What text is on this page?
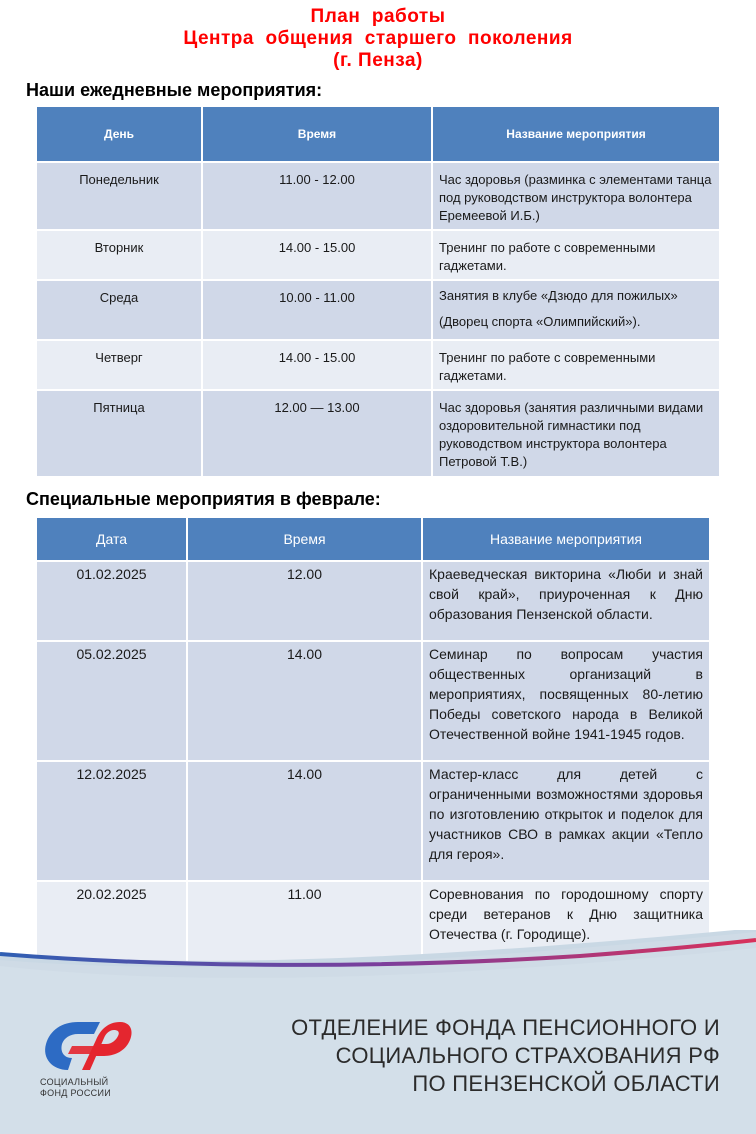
План  работы
Центра  общения  старшего  поколения
(г. Пенза)
Наши ежедневные мероприятия:
День	Время	Название мероприятия
Понедельник	11.00 - 12.00	Час здоровья (разминка с элементами танца под руководством инструктора волонтера Еремеевой И.Б.)
Вторник	14.00 - 15.00	Тренинг по работе с современными гаджетами.
Среда	10.00 - 11.00	Занятия в клубе «Дзюдо для пожилых»
(Дворец спорта «Олимпийский»).

Четверг	14.00 - 15.00	Тренинг по работе с современными гаджетами.
Пятница	12.00 — 13.00	Час здоровья (занятия различными видами оздоровительной гимнастики под руководством инструктора волонтера Петровой Т.В.)
Специальные мероприятия в феврале:
Дата	Время	Название мероприятия
01.02.2025	12.00	Краеведческая викторина «Люби и знай свой край», приуроченная к Дню образования Пензенской области.
05.02.2025	14.00	Семинар по вопросам участия общественных организаций в мероприятиях, посвященных 80-летию Победы советского народа в Великой Отечественной войне 1941-1945 годов.
12.02.2025	14.00	Мастер-класс для детей с ограниченными возможностями здоровья по изготовлению открыток и поделок для участников СВО в рамках акции «Тепло для героя».
20.02.2025	11.00	Соревнования по городошному спорту среди ветеранов к Дню защитника Отечества (г. Городище).
СОЦИАЛЬНЫЙ
ФОНД РОССИИ
ОТДЕЛЕНИЕ ФОНДА ПЕНСИОННОГО И
СОЦИАЛЬНОГО СТРАХОВАНИЯ РФ
ПО ПЕНЗЕНСКОЙ ОБЛАСТИ
